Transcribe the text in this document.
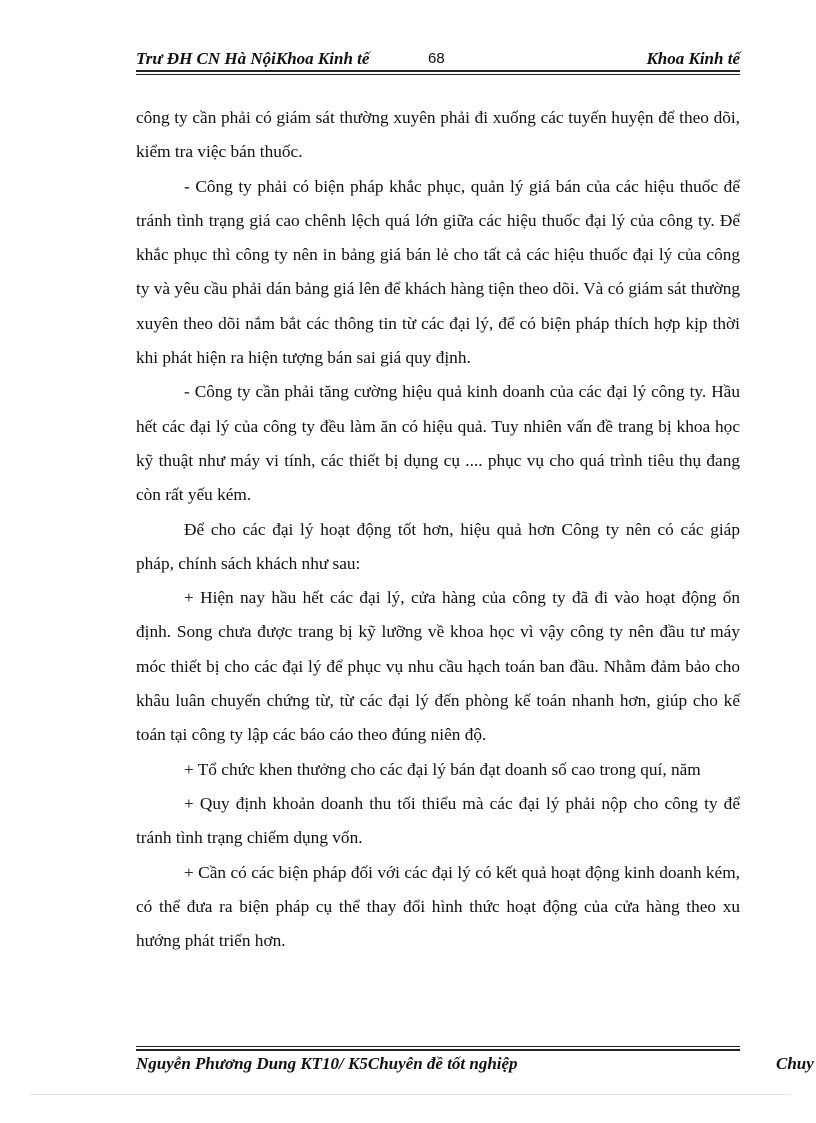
Trư ĐH CN Hà NộiKhoa Kinh tế	68	Khoa Kinh tế

công ty cần phải có giám sát thường xuyên phải đi xuống các tuyến huyện để theo dõi, kiểm tra việc bán thuốc.

- Công ty phải có biện pháp khắc phục, quản lý giá bán của các hiệu thuốc để tránh tình trạng giá cao chênh lệch quá lớn giữa các hiệu thuốc đại lý của công ty. Để khắc phục thì công ty nên in bảng giá bán lẻ cho tất cả các hiệu thuốc đại lý của công ty và yêu cầu phải dán bảng giá lên để khách hàng tiện theo dõi. Và có giám sát thường xuyên theo dõi nắm bắt các thông tin từ các đại lý, để có biện pháp thích hợp kịp thời khi phát hiện ra hiện tượng bán sai giá quy định.

- Công ty cần phải tăng cường hiệu quả kinh doanh của các đại lý công ty. Hầu hết các đại lý của công ty đều làm ăn có hiệu quả. Tuy nhiên vấn đề trang bị khoa học kỹ thuật như máy vi tính, các thiết bị dụng cụ .... phục vụ cho quá trình tiêu thụ đang còn rất yếu kém.

Để cho các đại lý hoạt động tốt hơn, hiệu quả hơn Công ty nên có các giáp pháp, chính sách khách như sau:

+ Hiện nay hầu hết các đại lý, cửa hàng của công ty đã đi vào hoạt động ổn định. Song chưa được trang bị kỹ lưỡng về khoa học vì vậy công ty nên đầu tư máy móc thiết bị cho các đại lý để phục vụ nhu cầu hạch toán ban đầu. Nhằm đảm bảo cho khâu luân chuyển chứng từ, từ các đại lý đến phòng kế toán nhanh hơn, giúp cho kế toán tại công ty lập các báo cáo theo đúng niên độ.

+ Tổ chức khen thưởng cho các đại lý bán đạt doanh số cao trong quí, năm

+ Quy định khoản doanh thu tối thiểu mà các đại lý phải nộp cho công ty để tránh tình trạng chiếm dụng vốn.

+ Cần có các biện pháp đối với các đại lý có kết quả hoạt động kinh doanh kém, có thể đưa ra biện pháp cụ thể thay đổi hình thức hoạt động của cửa hàng theo xu hướng phát triển hơn.

Nguyễn Phương Dung KT10/ K5Chuyên đề tốt nghiệp	Chuy
